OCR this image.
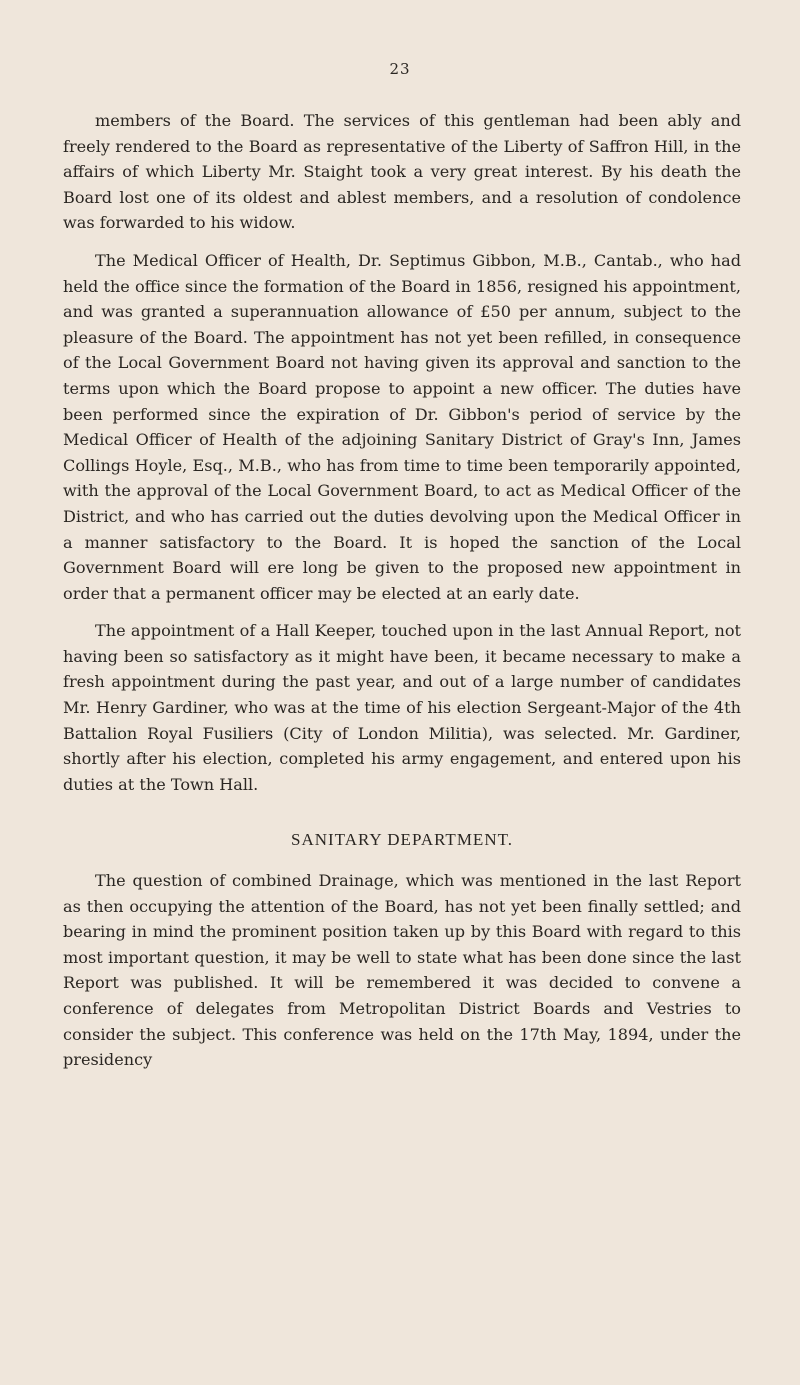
23

members of the Board. The services of this gentleman had been ably and freely rendered to the Board as representative of the Liberty of Saffron Hill, in the affairs of which Liberty Mr. Staight took a very great interest. By his death the Board lost one of its oldest and ablest members, and a resolution of condolence was forwarded to his widow.

The Medical Officer of Health, Dr. Septimus Gibbon, M.B., Cantab., who had held the office since the formation of the Board in 1856, resigned his appointment, and was granted a superannuation allowance of £50 per annum, subject to the pleasure of the Board. The appointment has not yet been refilled, in consequence of the Local Government Board not having given its approval and sanction to the terms upon which the Board propose to appoint a new officer. The duties have been performed since the expiration of Dr. Gibbon's period of service by the Medical Officer of Health of the adjoining Sanitary District of Gray's Inn, James Collings Hoyle, Esq., M.B., who has from time to time been temporarily appointed, with the approval of the Local Government Board, to act as Medical Officer of the District, and who has carried out the duties devolving upon the Medical Officer in a manner satisfactory to the Board. It is hoped the sanction of the Local Government Board will ere long be given to the proposed new appointment in order that a permanent officer may be elected at an early date.

The appointment of a Hall Keeper, touched upon in the last Annual Report, not having been so satisfactory as it might have been, it became necessary to make a fresh appointment during the past year, and out of a large number of candidates Mr. Henry Gardiner, who was at the time of his election Sergeant-Major of the 4th Battalion Royal Fusiliers (City of London Militia), was selected. Mr. Gardiner, shortly after his election, completed his army engagement, and entered upon his duties at the Town Hall.

SANITARY DEPARTMENT.

The question of combined Drainage, which was mentioned in the last Report as then occupying the attention of the Board, has not yet been finally settled; and bearing in mind the prominent position taken up by this Board with regard to this most important question, it may be well to state what has been done since the last Report was published. It will be remembered it was decided to convene a conference of delegates from Metropolitan District Boards and Vestries to consider the subject. This conference was held on the 17th May, 1894, under the presidency
